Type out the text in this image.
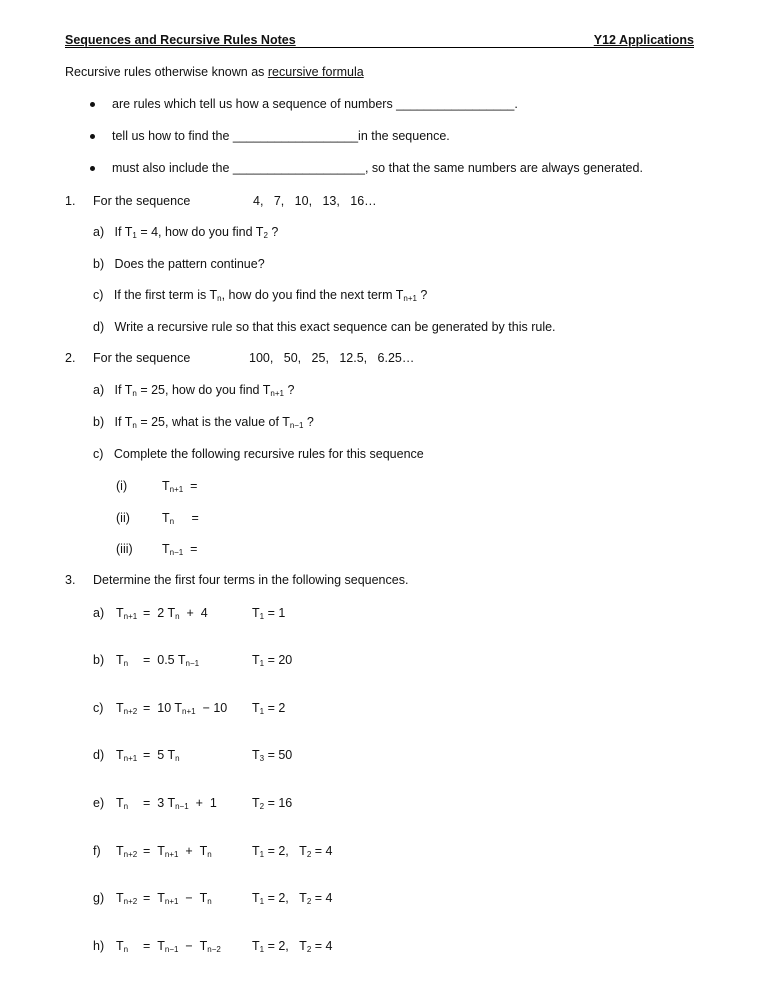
Sequences and Recursive Rules Notes	Y12 Applications
Recursive rules otherwise known as recursive formula
are rules which tell us how a sequence of numbers _________________.
tell us how to find the __________________in the sequence.
must also include the ___________________, so that the same numbers are always generated.
1. For the sequence	4,   7,   10,   13,   16…
a) If $T_1 = 4$, how do you find $T_2$ ?
b) Does the pattern continue?
c) If the first term is $T_n$, how do you find the next term $T_{n+1}$ ?
d) Write a recursive rule so that this exact sequence can be generated by this rule.
2. For the sequence	100,   50,   25,   12.5,   6.25…
a) If $T_n = 25$, how do you find $T_{n+1}$ ?
b) If $T_n = 25$, what is the value of $T_{n-1}$ ?
c) Complete the following recursive rules for this sequence
(i)	$T_{n+1}$ =
(ii)	$T_n$ =
(iii) $T_{n-1}$ =
3. Determine the first four terms in the following sequences.
a) $T_{n+1} = 2$ $T_n + 4$	$T_1 = 1$
b) $T_n = 0.5$ $T_{n-1}$	$T_1 = 20$
c) $T_{n+2} = 10$ $T_{n+1} - 10$ $T_1 = 2$
d) $T_{n+1} = 5$ $T_n$	$T_3 = 50$
e) $T_n = 3$ $T_{n-1} + 1$	$T_2 = 16$
f) $T_{n+2} = T_{n+1} + T_n$	$T_1 = 2$,   $T_2 = 4$
g) $T_{n+2} = T_{n+1} - T_n$	$T_1 = 2$,   $T_2 = 4$
h) $T_n = T_{n-1} - T_{n-2}$ $T_1 = 2$,   $T_2 = 4$
